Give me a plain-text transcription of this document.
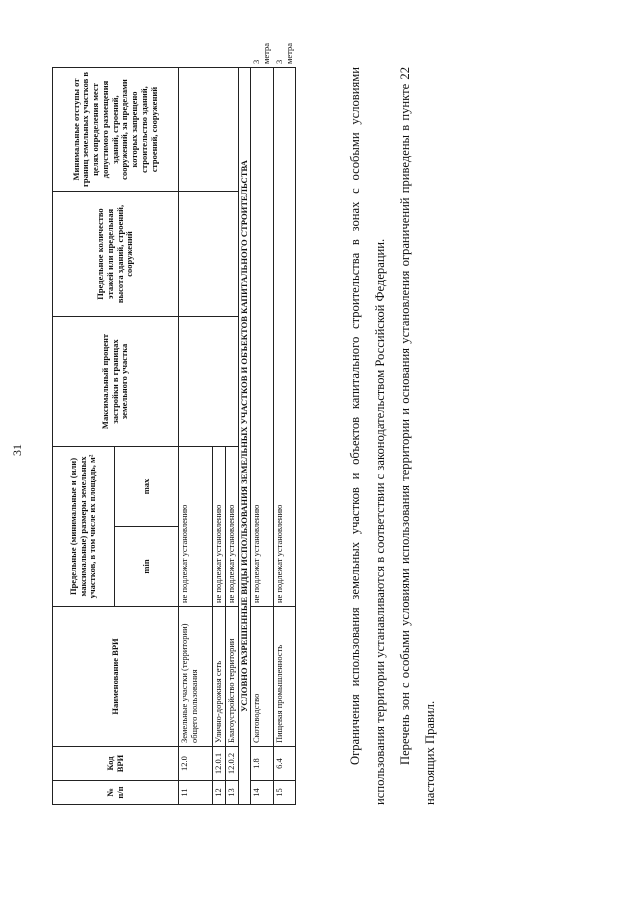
31
№ п/п	Код ВРИ	Наименование ВРИ	Предельные (минимальные и (или) максимальные) размеры земельных участков, в том числе их площадь, м²		Максимальный процент застройки в границах земельного участка	Предельное количество этажей или предельная высота зданий, строений, сооружений	Минимальные отступы от границ земельных участков в целях определения мест допустимого размещения зданий, строений, сооружений, за пределами которых запрещено строительство зданий, строений, сооружений	
			min	max				
11	12.0	Земельные участки (территории) общего пользования	не подлежат установлению					
12	12.0.1	Улично-дорожная сеть	не подлежат установлению					
13	12.0.2	Благоустройство территории	не подлежат установлению					
УСЛОВНО РАЗРЕШЕННЫЕ ВИДЫ ИСПОЛЬЗОВАНИЯ ЗЕМЕЛЬНЫХ УЧАСТКОВ И ОБЪЕКТОВ КАПИТАЛЬНОГО СТРОИТЕЛЬСТВА								
14	1.8	Скотоводство	не подлежат установлению					3 метра
15	6.4	Пищевая промышленность	не подлежат установлению					3 метра

Ограничения использования земельных участков и объектов капитального строительства в зонах с особыми условиями использования территории устанавливаются в соответствии с законодательством Российской Федерации. Перечень зон с особыми условиями использования территории и основания установления ограничений приведены в пункте 22 настоящих Правил.
